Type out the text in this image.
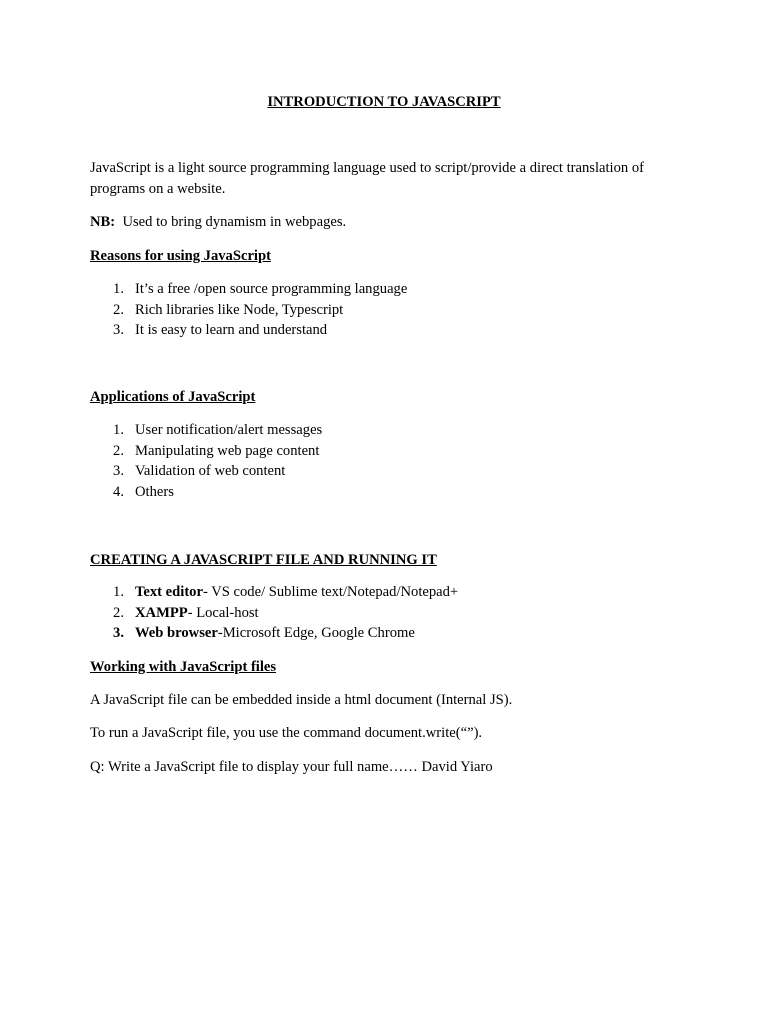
INTRODUCTION TO JAVASCRIPT

JavaScript is a light source programming language used to script/provide a direct translation of programs on a website.

NB: Used to bring dynamism in webpages.

Reasons for using JavaScript

1. It’s a free /open source programming language
2. Rich libraries like Node, Typescript
3. It is easy to learn and understand

Applications of JavaScript

1. User notification/alert messages
2. Manipulating web page content
3. Validation of web content
4. Others

CREATING A JAVASCRIPT FILE AND RUNNING IT

1. Text editor- VS code/ Sublime text/Notepad/Notepad+
2. XAMPP- Local-host
3. Web browser-Microsoft Edge, Google Chrome

Working with JavaScript files

A JavaScript file can be embedded inside a html document (Internal JS).

To run a JavaScript file, you use the command document.write(“”).

Q: Write a JavaScript file to display your full name…… David Yiaro
